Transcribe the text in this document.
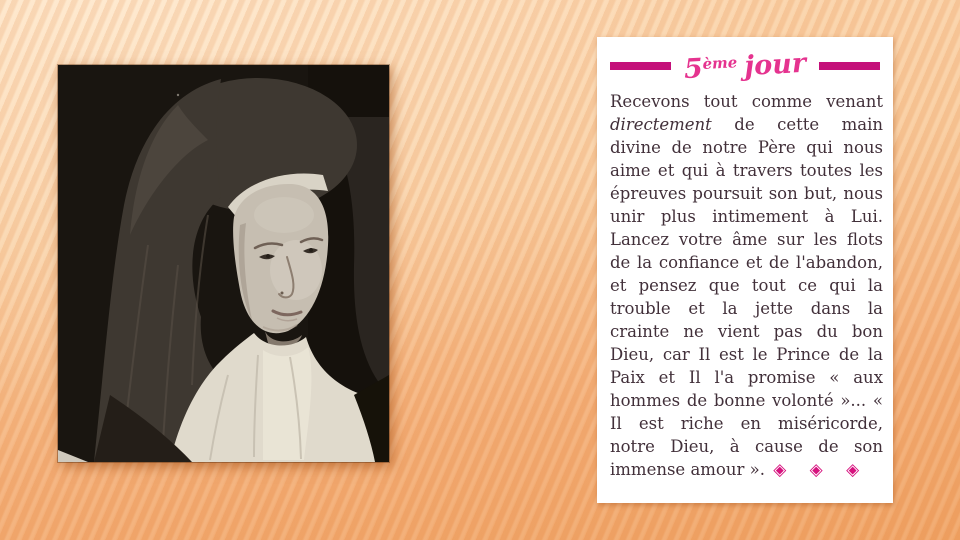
5ème jour

Recevons tout comme venant directement de cette main divine de notre Père qui nous aime et qui à travers toutes les épreuves poursuit son but, nous unir plus intimement à Lui. Lancez votre âme sur les flots de la confiance et de l'abandon, et pensez que tout ce qui la trouble et la jette dans la crainte ne vient pas du bon Dieu, car Il est le Prince de la Paix et Il l'a promise « aux hommes de bonne volonté »... « Il est riche en miséricorde, notre Dieu, à cause de son immense amour ». ◈ ◈ ◈
